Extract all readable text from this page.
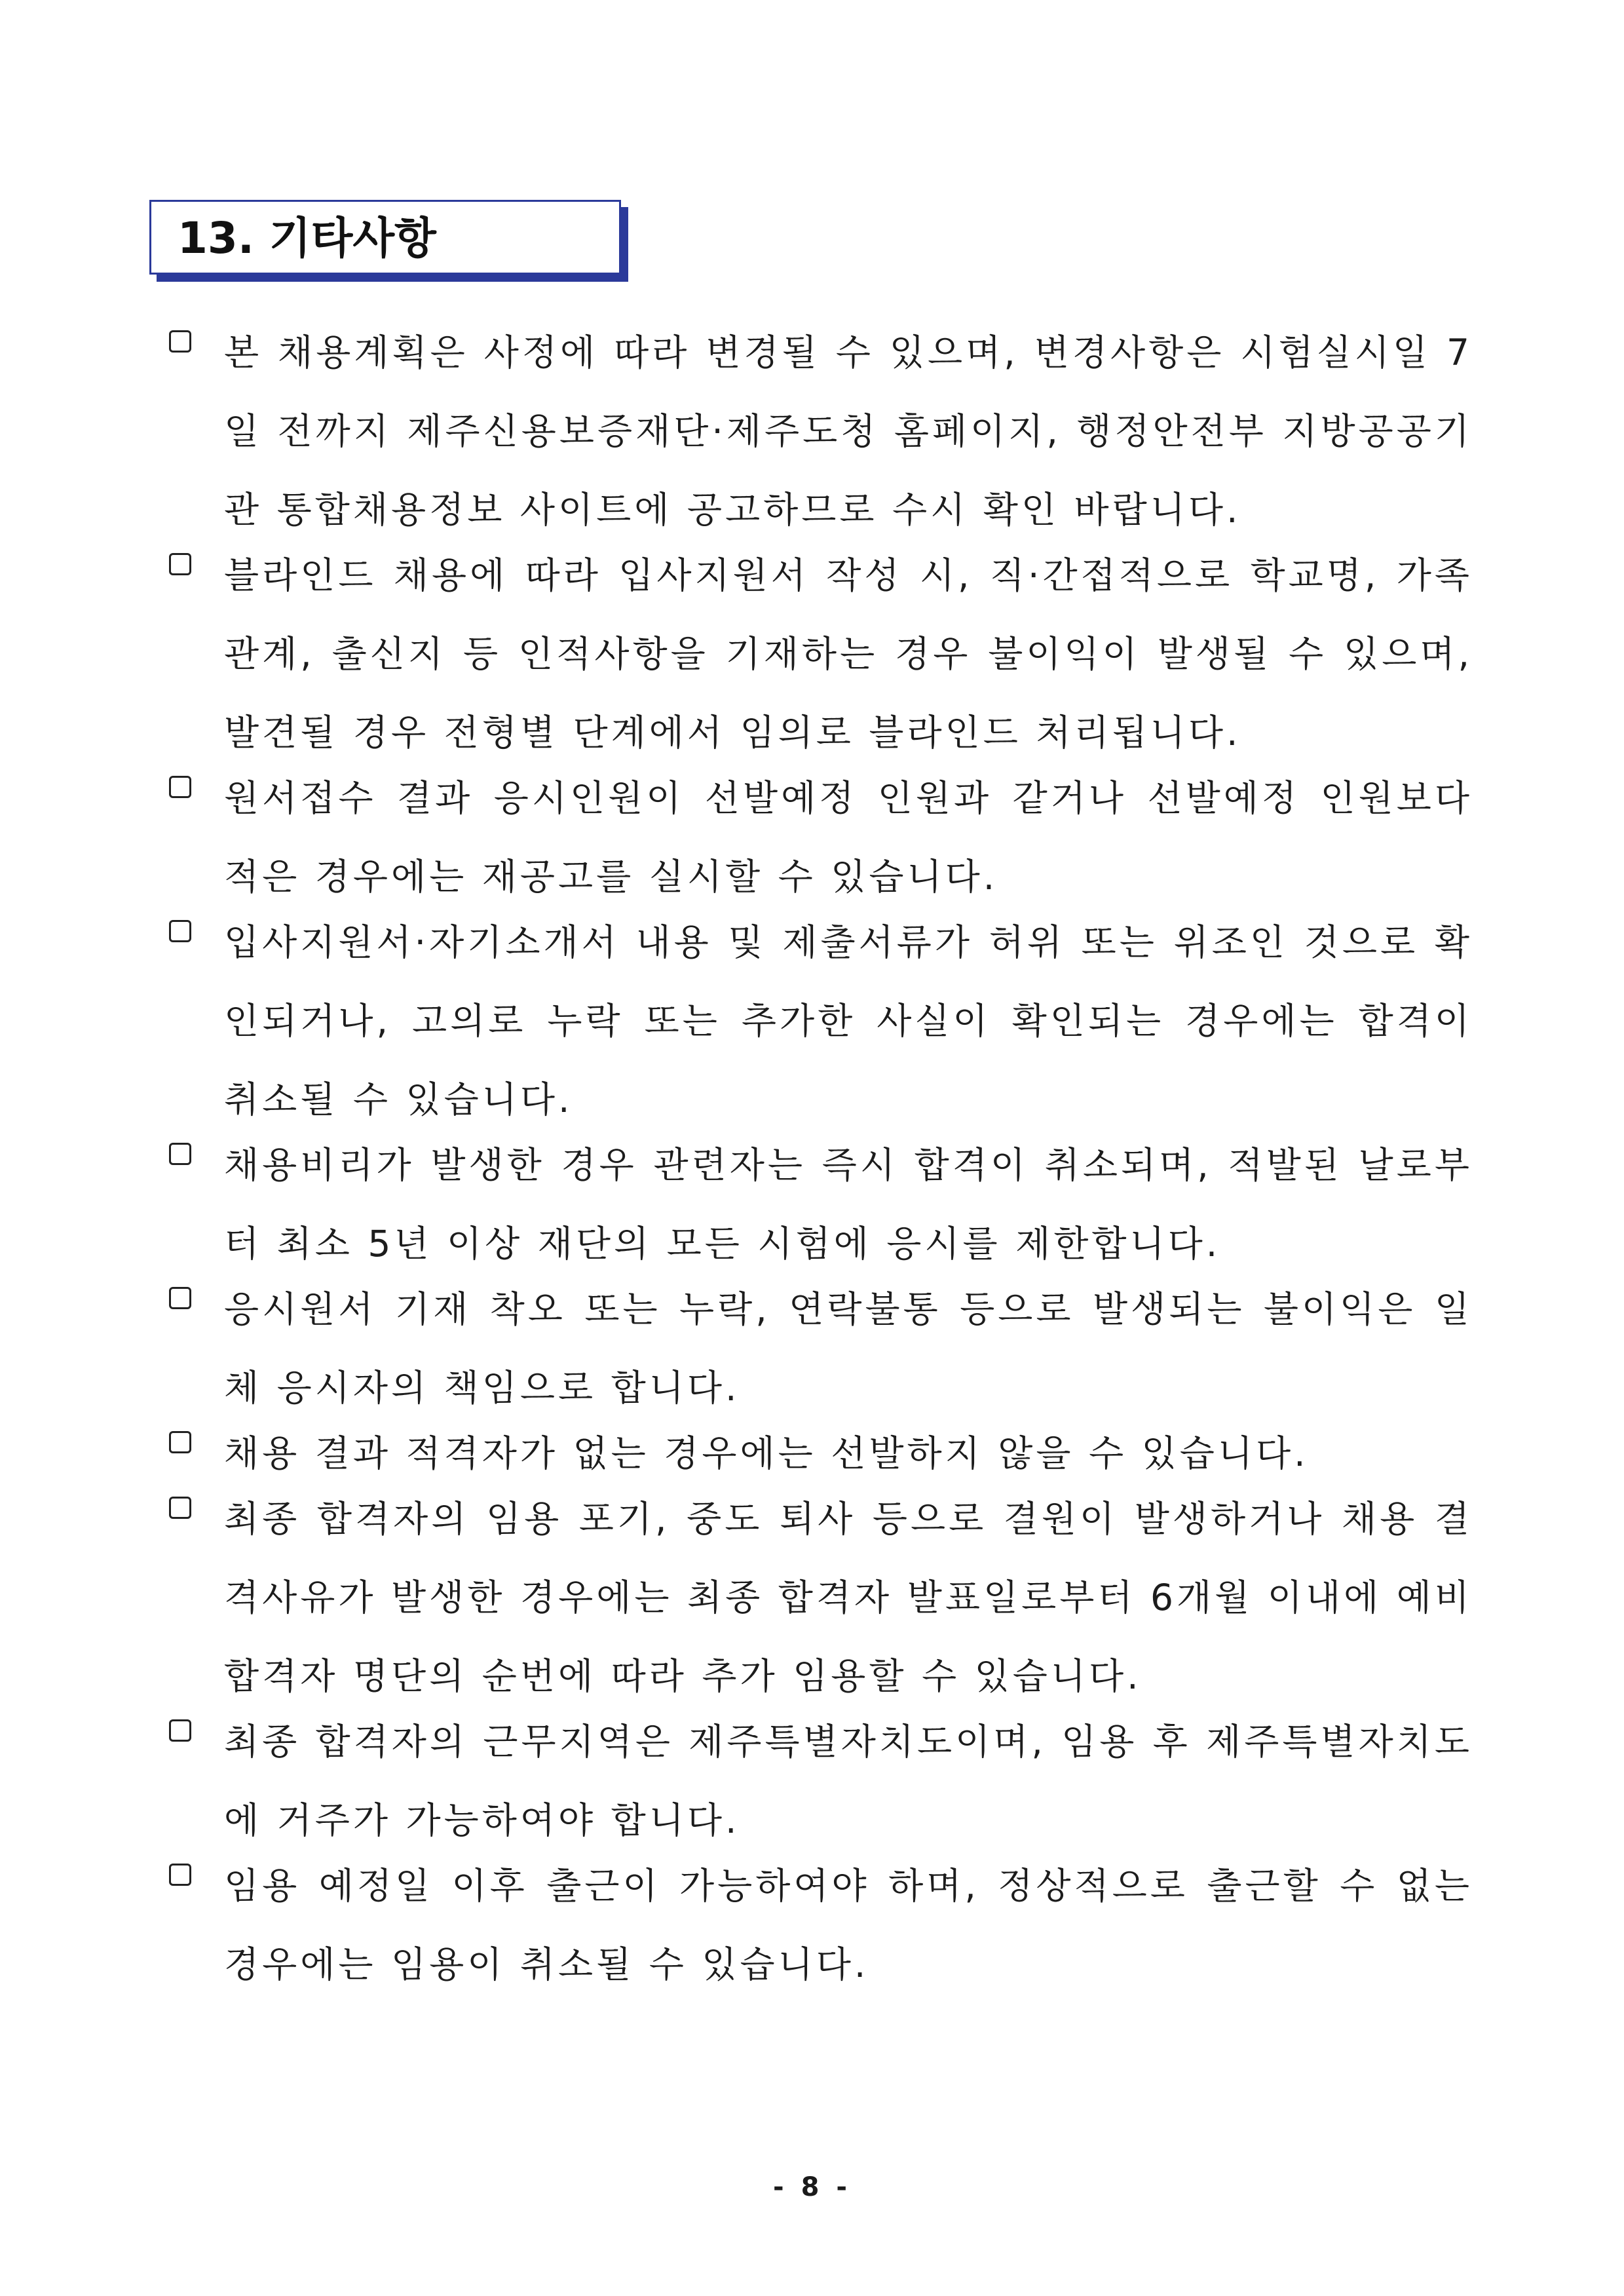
13. 기타사항
본 채용계획은 사정에 따라 변경될 수 있으며, 변경사항은 시험실시일 7일 전까지 제주신용보증재단·제주도청 홈페이지, 행정안전부 지방공공기관 통합채용정보 사이트에 공고하므로 수시 확인 바랍니다.
블라인드 채용에 따라 입사지원서 작성 시, 직·간접적으로 학교명, 가족관계, 출신지 등 인적사항을 기재하는 경우 불이익이 발생될 수 있으며, 발견될 경우 전형별 단계에서 임의로 블라인드 처리됩니다.
원서접수 결과 응시인원이 선발예정 인원과 같거나 선발예정 인원보다 적은 경우에는 재공고를 실시할 수 있습니다.
입사지원서·자기소개서 내용 및 제출서류가 허위 또는 위조인 것으로 확인되거나, 고의로 누락 또는 추가한 사실이 확인되는 경우에는 합격이 취소될 수 있습니다.
채용비리가 발생한 경우 관련자는 즉시 합격이 취소되며, 적발된 날로부터 최소 5년 이상 재단의 모든 시험에 응시를 제한합니다.
응시원서 기재 착오 또는 누락, 연락불통 등으로 발생되는 불이익은 일체 응시자의 책임으로 합니다.
채용 결과 적격자가 없는 경우에는 선발하지 않을 수 있습니다.
최종 합격자의 임용 포기, 중도 퇴사 등으로 결원이 발생하거나 채용 결격사유가 발생한 경우에는 최종 합격자 발표일로부터 6개월 이내에 예비합격자 명단의 순번에 따라 추가 임용할 수 있습니다.
최종 합격자의 근무지역은 제주특별자치도이며, 임용 후 제주특별자치도에 거주가 가능하여야 합니다.
임용 예정일 이후 출근이 가능하여야 하며, 정상적으로 출근할 수 없는 경우에는 임용이 취소될 수 있습니다.
- 8 -
